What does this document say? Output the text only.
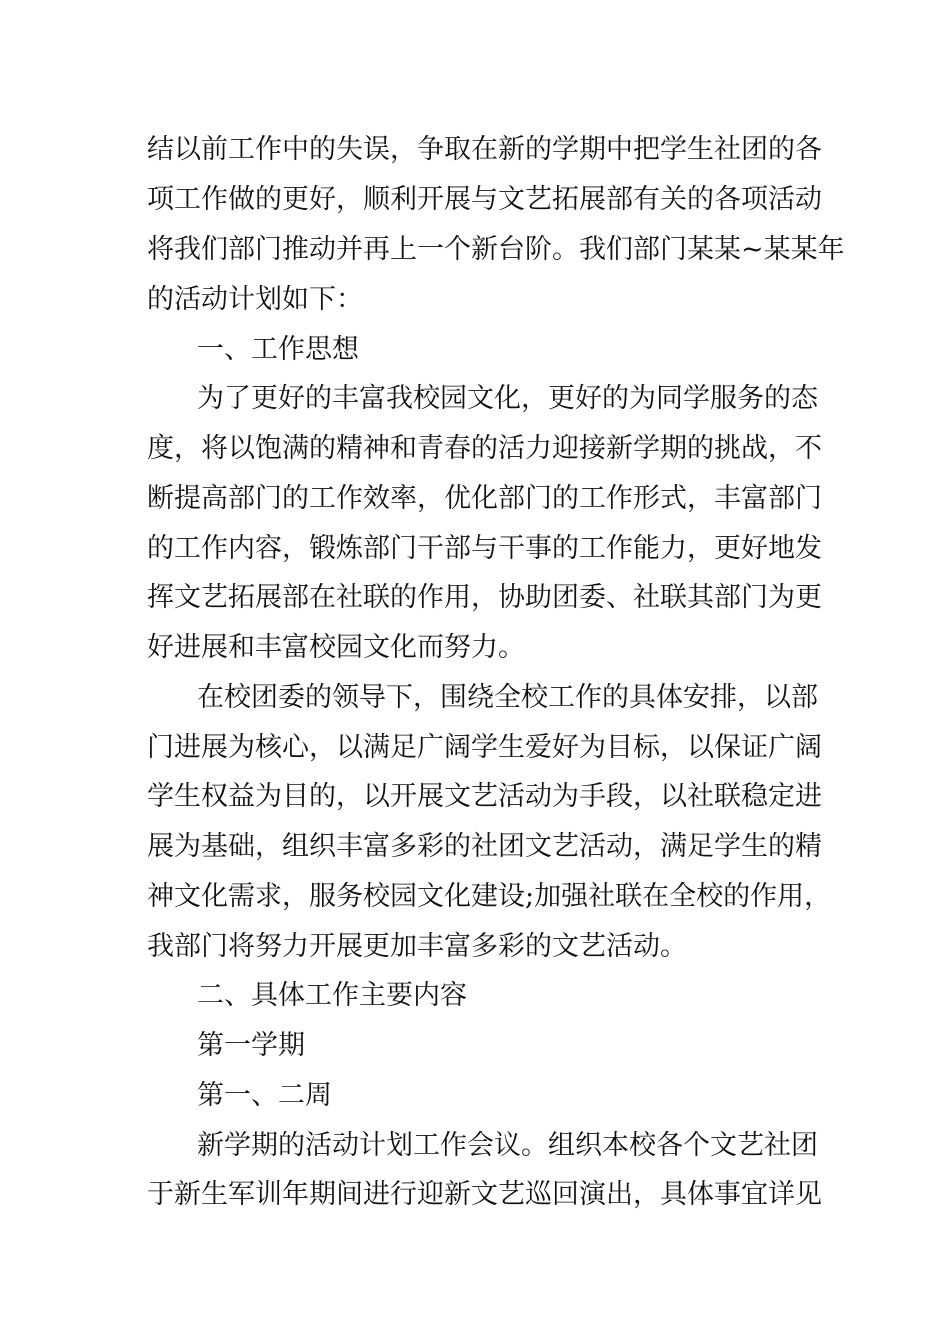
结以前工作中的失误，争取在新的学期中把学生社团的各
项工作做的更好，顺利开展与文艺拓展部有关的各项活动
将我们部门推动并再上一个新台阶。我们部门某某~某某年
的活动计划如下：
一、工作思想
为了更好的丰富我校园文化，更好的为同学服务的态
度，将以饱满的精神和青春的活力迎接新学期的挑战，不
断提高部门的工作效率，优化部门的工作形式，丰富部门
的工作内容，锻炼部门干部与干事的工作能力，更好地发
挥文艺拓展部在社联的作用，协助团委、社联其部门为更
好进展和丰富校园文化而努力。
在校团委的领导下，围绕全校工作的具体安排，以部
门进展为核心，以满足广阔学生爱好为目标，以保证广阔
学生权益为目的，以开展文艺活动为手段，以社联稳定进
展为基础，组织丰富多彩的社团文艺活动，满足学生的精
神文化需求，服务校园文化建设;加强社联在全校的作用，
我部门将努力开展更加丰富多彩的文艺活动。
二、具体工作主要内容
第一学期
第一、二周
新学期的活动计划工作会议。组织本校各个文艺社团
于新生军训年期间进行迎新文艺巡回演出，具体事宜详见
